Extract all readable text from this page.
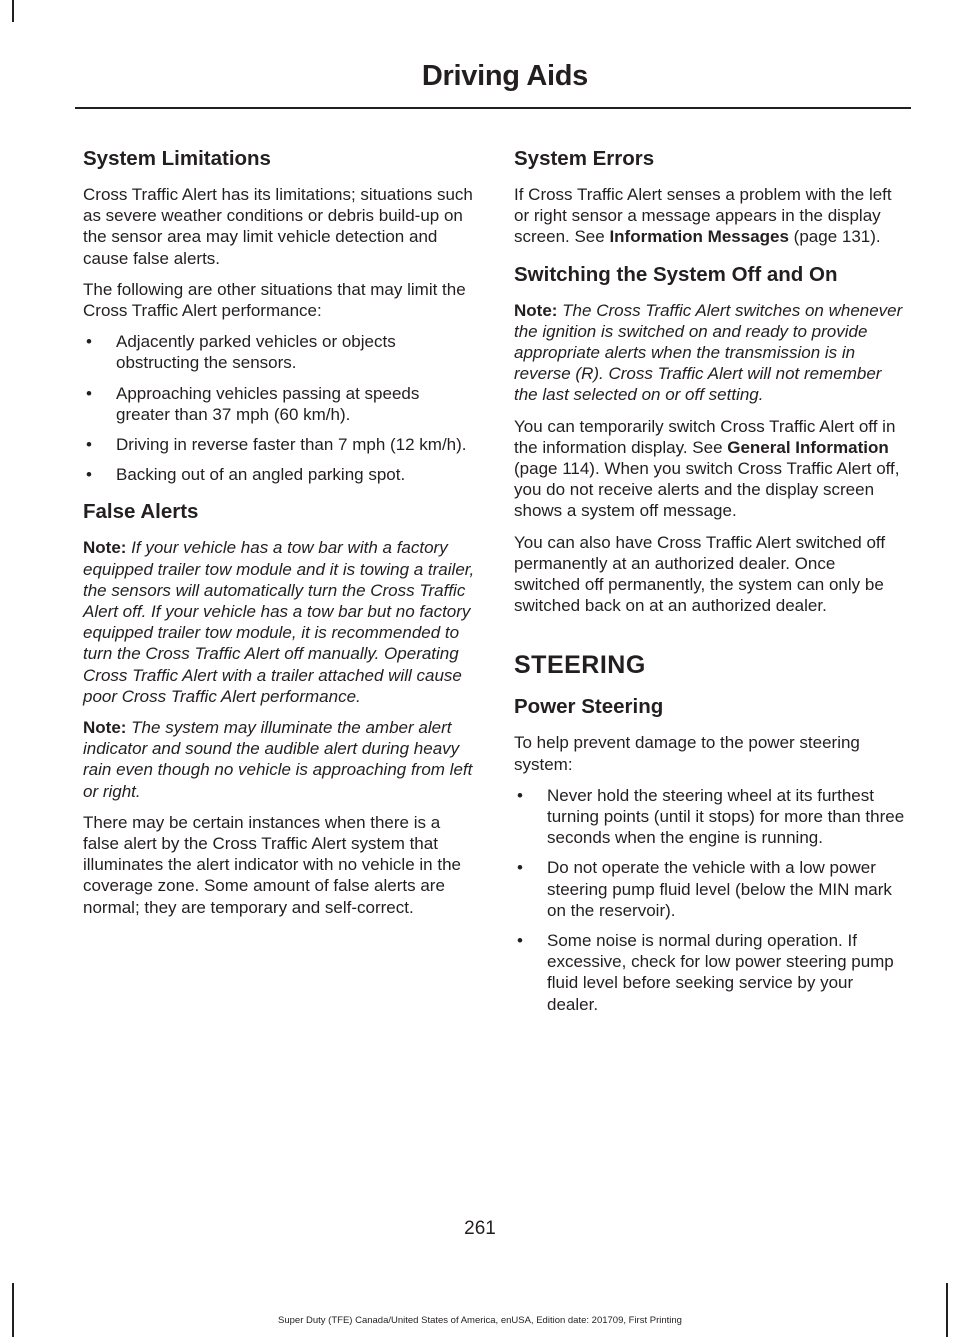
Driving Aids
System Limitations

Cross Traffic Alert has its limitations; situations such as severe weather conditions or debris build-up on the sensor area may limit vehicle detection and cause false alerts.

The following are other situations that may limit the Cross Traffic Alert performance:

• Adjacently parked vehicles or objects obstructing the sensors.
• Approaching vehicles passing at speeds greater than 37 mph (60 km/h).
• Driving in reverse faster than 7 mph (12 km/h).
• Backing out of an angled parking spot.
False Alerts

Note: If your vehicle has a tow bar with a factory equipped trailer tow module and it is towing a trailer, the sensors will automatically turn the Cross Traffic Alert off. If your vehicle has a tow bar but no factory equipped trailer tow module, it is recommended to turn the Cross Traffic Alert off manually. Operating Cross Traffic Alert with a trailer attached will cause poor Cross Traffic Alert performance.

Note: The system may illuminate the amber alert indicator and sound the audible alert during heavy rain even though no vehicle is approaching from left or right.

There may be certain instances when there is a false alert by the Cross Traffic Alert system that illuminates the alert indicator with no vehicle in the coverage zone. Some amount of false alerts are normal; they are temporary and self-correct.

System Errors

If Cross Traffic Alert senses a problem with the left or right sensor a message appears in the display screen. See Information Messages (page 131).

Switching the System Off and On

Note: The Cross Traffic Alert switches on whenever the ignition is switched on and ready to provide appropriate alerts when the transmission is in reverse (R). Cross Traffic Alert will not remember the last selected on or off setting.

You can temporarily switch Cross Traffic Alert off in the information display. See General Information (page 114). When you switch Cross Traffic Alert off, you do not receive alerts and the display screen shows a system off message.

You can also have Cross Traffic Alert switched off permanently at an authorized dealer. Once switched off permanently, the system can only be switched back on at an authorized dealer.

STEERING
Power Steering

To help prevent damage to the power steering system:

• Never hold the steering wheel at its furthest turning points (until it stops) for more than three seconds when the engine is running.
• Do not operate the vehicle with a low power steering pump fluid level (below the MIN mark on the reservoir).
• Some noise is normal during operation. If excessive, check for low power steering pump fluid level before seeking service by your dealer.
261
Super Duty (TFE) Canada/United States of America, enUSA, Edition date: 201709, First Printing
